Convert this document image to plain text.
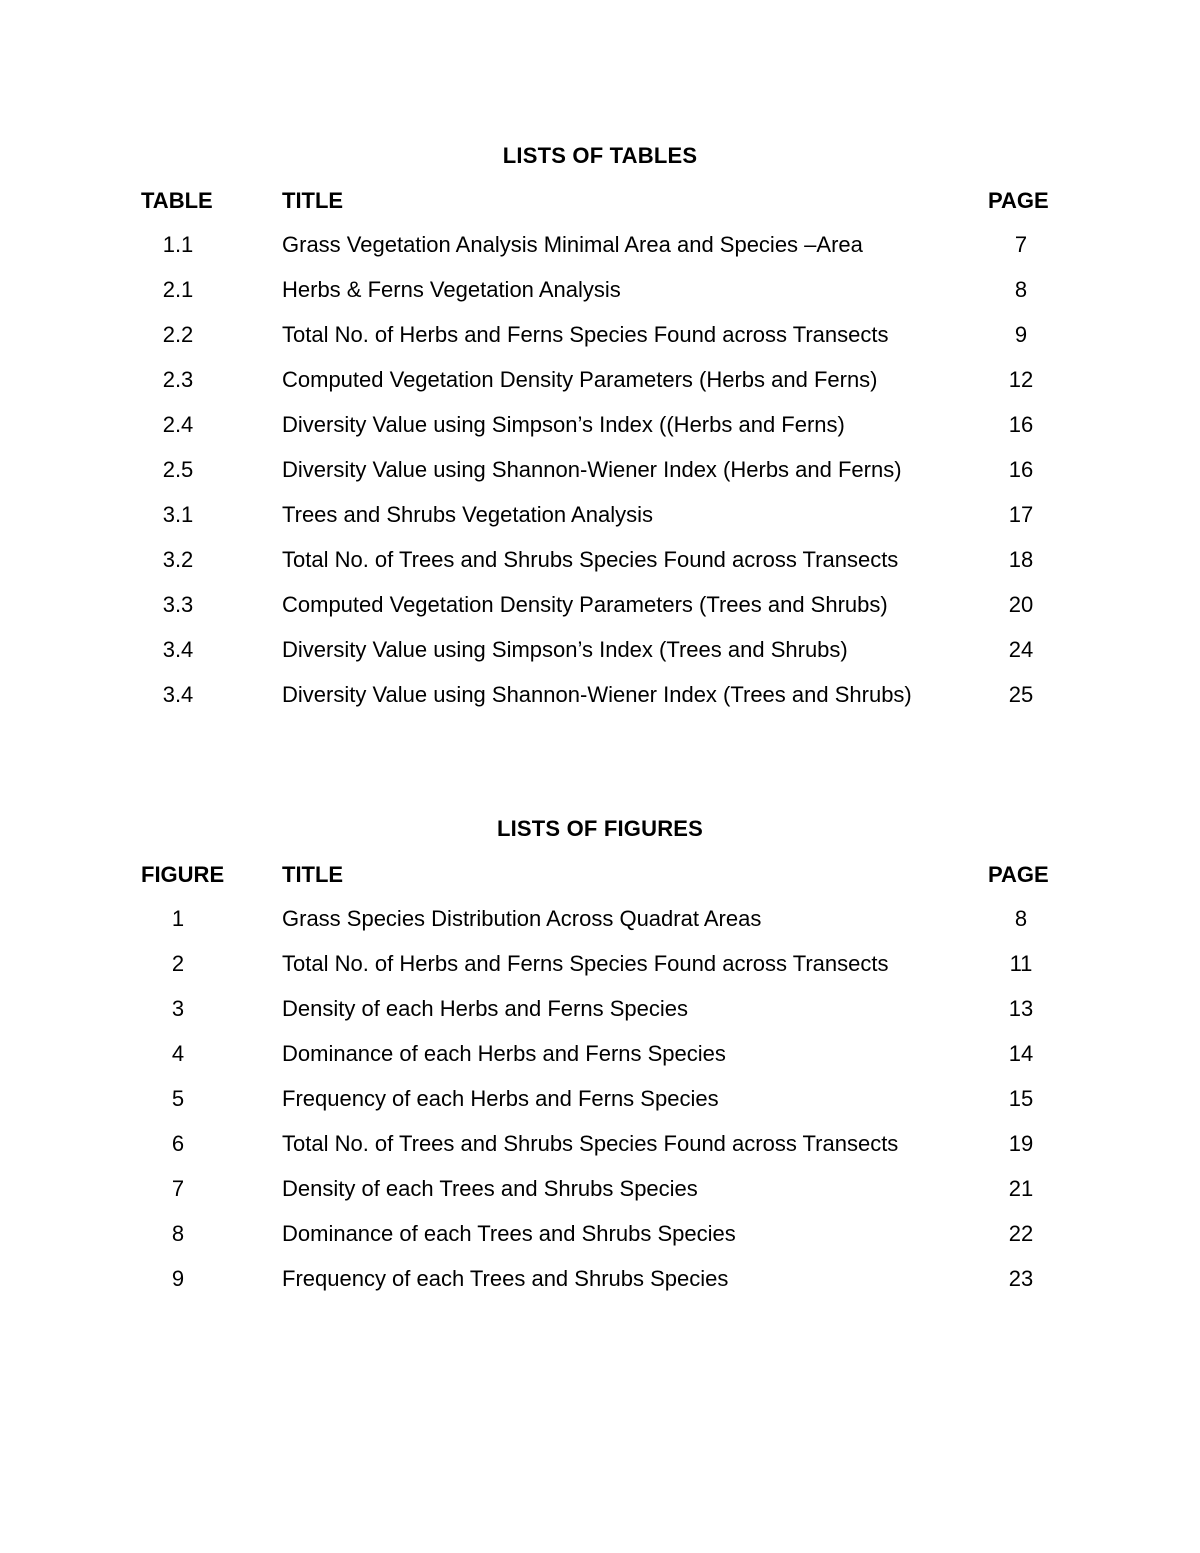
LISTS OF TABLES
TABLE	TITLE	PAGE
1.1	Grass Vegetation Analysis Minimal Area and Species –Area	7
2.1	Herbs & Ferns Vegetation Analysis	8
2.2	Total No. of Herbs and Ferns Species Found across Transects	9
2.3	Computed Vegetation Density Parameters (Herbs and Ferns)	12
2.4	Diversity Value using Simpson’s Index ((Herbs and Ferns)	16
2.5	Diversity Value using Shannon-Wiener Index (Herbs and Ferns)	16
3.1	Trees and Shrubs Vegetation Analysis	17
3.2	Total No. of Trees and Shrubs Species Found across Transects	18
3.3	Computed Vegetation Density Parameters (Trees and Shrubs)	20
3.4	Diversity Value using Simpson’s Index (Trees and Shrubs)	24
3.4	Diversity Value using Shannon-Wiener Index (Trees and Shrubs)	25
LISTS OF FIGURES
FIGURE	TITLE	PAGE
1	Grass Species Distribution Across Quadrat Areas	8
2	Total No. of Herbs and Ferns Species Found across Transects	11
3	Density of each Herbs and Ferns Species	13
4	Dominance of each Herbs and Ferns Species	14
5	Frequency of each Herbs and Ferns Species	15
6	Total No. of Trees and Shrubs Species Found across Transects	19
7	Density of each Trees and Shrubs Species	21
8	Dominance of each Trees and Shrubs Species	22
9	Frequency of each Trees and Shrubs Species	23
